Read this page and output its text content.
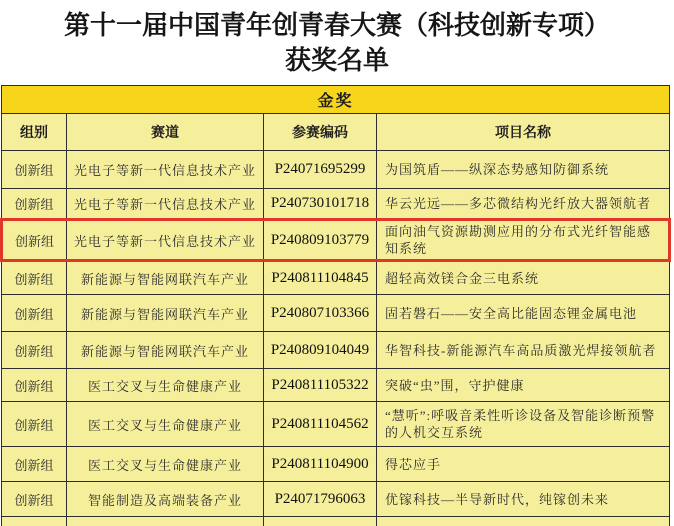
第十一届中国青年创青春大赛（科技创新专项）
获奖名单
金奖			
组别	赛道	参赛编码	项目名称
创新组	光电子等新一代信息技术产业	P24071695299	为国筑盾——纵深态势感知防御系统
创新组	光电子等新一代信息技术产业	P240730101718	华云光远——多芯微结构光纤放大器领航者
创新组	光电子等新一代信息技术产业	P240809103779	面向油气资源勘测应用的分布式光纤智能感知系统
创新组	新能源与智能网联汽车产业	P240811104845	超轻高效镁合金三电系统
创新组	新能源与智能网联汽车产业	P240807103366	固若磐石——安全高比能固态锂金属电池
创新组	新能源与智能网联汽车产业	P240809104049	华智科技-新能源汽车高品质激光焊接领航者
创新组	医工交叉与生命健康产业	P240811105322	突破“虫”围，守护健康
创新组	医工交叉与生命健康产业	P240811104562	“慧听”:呼吸音柔性听诊设备及智能诊断预警的人机交互系统
创新组	医工交叉与生命健康产业	P240811104900	得芯应手
创新组	智能制造及高端装备产业	P24071796063	优镓科技—半导新时代，纯镓创未来
